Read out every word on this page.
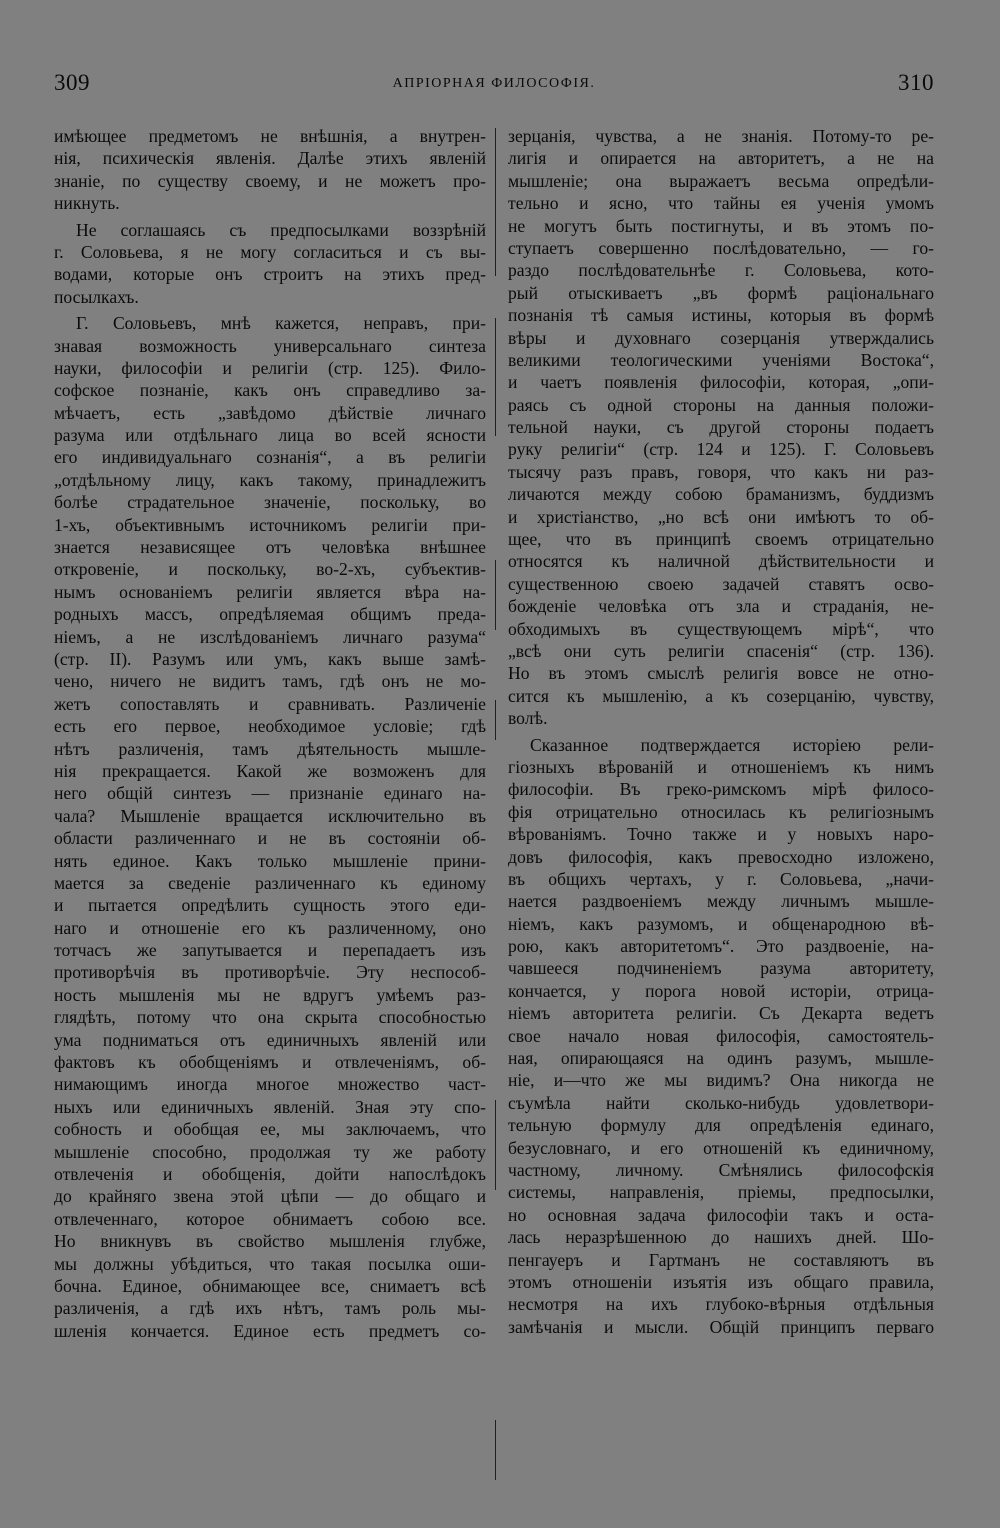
309	АПРІОРНАЯ ФИЛОСОФІЯ.	310
имѣющее предметомъ не внѣшнія, а внутрен-
нія, психическія явленія. Далѣе этихъ явленій
знаніе, по существу своему, и не можетъ про-
никнуть.
Не соглашаясь съ предпосылками воззрѣній
г. Соловьева, я не могу согласиться и съ вы-
водами, которые онъ строитъ на этихъ пред-
посылкахъ.
Г. Соловьевъ, мнѣ кажется, неправъ, при-
знавая возможность универсальнаго синтеза
науки, философіи и религіи (стр. 125). Фило-
софское познаніе, какъ онъ справедливо за-
мѣчаетъ, есть „завѣдомо дѣйствіе личнаго
разума или отдѣльнаго лица во всей ясности
его индивидуальнаго сознанія“, а въ религіи
„отдѣльному лицу, какъ такому, принадлежитъ
болѣе страдательное значеніе, поскольку, во
1-хъ, объективнымъ источникомъ религіи при-
знается независящее отъ человѣка внѣшнее
откровеніе, и поскольку, во-2-хъ, субъектив-
нымъ основаніемъ религіи является вѣра на-
родныхъ массъ, опредѣляемая общимъ преда-
ніемъ, а не изслѣдованіемъ личнаго разума“
(стр. II). Разумъ или умъ, какъ выше замѣ-
чено, ничего не видитъ тамъ, гдѣ онъ не мо-
жетъ сопоставлять и сравнивать. Различеніе
есть его первое, необходимое условіе; гдѣ
нѣтъ различенія, тамъ дѣятельность мышле-
нія прекращается. Какой же возможенъ для
него общій синтезъ — признаніе единаго на-
чала? Мышленіе вращается исключительно въ
области различеннаго и не въ состояніи об-
нять единое. Какъ только мышленіе прини-
мается за сведеніе различеннаго къ единому
и пытается опредѣлить сущность этого еди-
наго и отношеніе его къ различенному, оно
тотчасъ же запутывается и перепадаетъ изъ
противорѣчія въ противорѣчіе. Эту неспособ-
ность мышленія мы не вдругъ умѣемъ раз-
глядѣть, потому что она скрыта способностью
ума подниматься отъ единичныхъ явленій или
фактовъ къ обобщеніямъ и отвлеченіямъ, об-
нимающимъ иногда многое множество част-
ныхъ или единичныхъ явленій. Зная эту спо-
собность и обобщая ее, мы заключаемъ, что
мышленіе способно, продолжая ту же работу
отвлеченія и обобщенія, дойти напослѣдокъ
до крайняго звена этой цѣпи — до общаго и
отвлеченнаго, которое обнимаетъ собою все.
Но вникнувъ въ свойство мышленія глубже,
мы должны убѣдиться, что такая посылка оши-
бочна. Единое, обнимающее все, снимаетъ всѣ
различенія, а гдѣ ихъ нѣтъ, тамъ роль мы-
шленія кончается. Единое есть предметъ со-
зерцанія, чувства, а не знанія. Потому-то ре-
лигія и опирается на авторитетъ, а не на
мышленіе; она выражаетъ весьма опредѣли-
тельно и ясно, что тайны ея ученія умомъ
не могутъ быть постигнуты, и въ этомъ по-
ступаетъ совершенно послѣдовательно, — го-
раздо послѣдовательнѣе г. Соловьева, кото-
рый отыскиваетъ „въ формѣ раціональнаго
познанія тѣ самыя истины, которыя въ формѣ
вѣры и духовнаго созерцанія утверждались
великими теологическими ученіями Востока“,
и чаетъ появленія философіи, которая, „опи-
раясь съ одной стороны на данныя положи-
тельной науки, съ другой стороны подаетъ
руку религіи“ (стр. 124 и 125). Г. Соловьевъ
тысячу разъ правъ, говоря, что какъ ни раз-
личаются между собою браманизмъ, буддизмъ
и христіанство, „но всѣ они имѣютъ то об-
щее, что въ принципѣ своемъ отрицательно
относятся къ наличной дѣйствительности и
существенною своею задачей ставятъ осво-
божденіе человѣка отъ зла и страданія, не-
обходимыхъ въ существующемъ мірѣ“, что
„всѣ они суть религіи спасенія“ (стр. 136).
Но въ этомъ смыслѣ религія вовсе не отно-
сится къ мышленію, а къ созерцанію, чувству,
волѣ.
Сказанное подтверждается исторіею рели-
гіозныхъ вѣрованій и отношеніемъ къ нимъ
философіи. Въ греко-римскомъ мірѣ филосо-
фія отрицательно относилась къ религіознымъ
вѣрованіямъ. Точно также и у новыхъ наро-
довъ философія, какъ превосходно изложено,
въ общихъ чертахъ, у г. Соловьева, „начи-
нается раздвоеніемъ между личнымъ мышле-
ніемъ, какъ разумомъ, и общенародною вѣ-
рою, какъ авторитетомъ“. Это раздвоеніе, на-
чавшееся подчиненіемъ разума авторитету,
кончается, у порога новой исторіи, отрица-
ніемъ авторитета религіи. Съ Декарта ведетъ
свое начало новая философія, самостоятель-
ная, опирающаяся на одинъ разумъ, мышле-
ніе, и—что же мы видимъ? Она никогда не
съумѣла найти сколько-нибудь удовлетвори-
тельную формулу для опредѣленія единаго,
безусловнаго, и его отношеній къ единичному,
частному, личному. Смѣнялись философскія
системы, направленія, пріемы, предпосылки,
но основная задача философіи такъ и оста-
лась неразрѣшенною до нашихъ дней. Шо-
пенгауеръ и Гартманъ не составляютъ въ
этомъ отношеніи изъятія изъ общаго правила,
несмотря на ихъ глубоко-вѣрныя отдѣльныя
замѣчанія и мысли. Общій принципъ перваго
